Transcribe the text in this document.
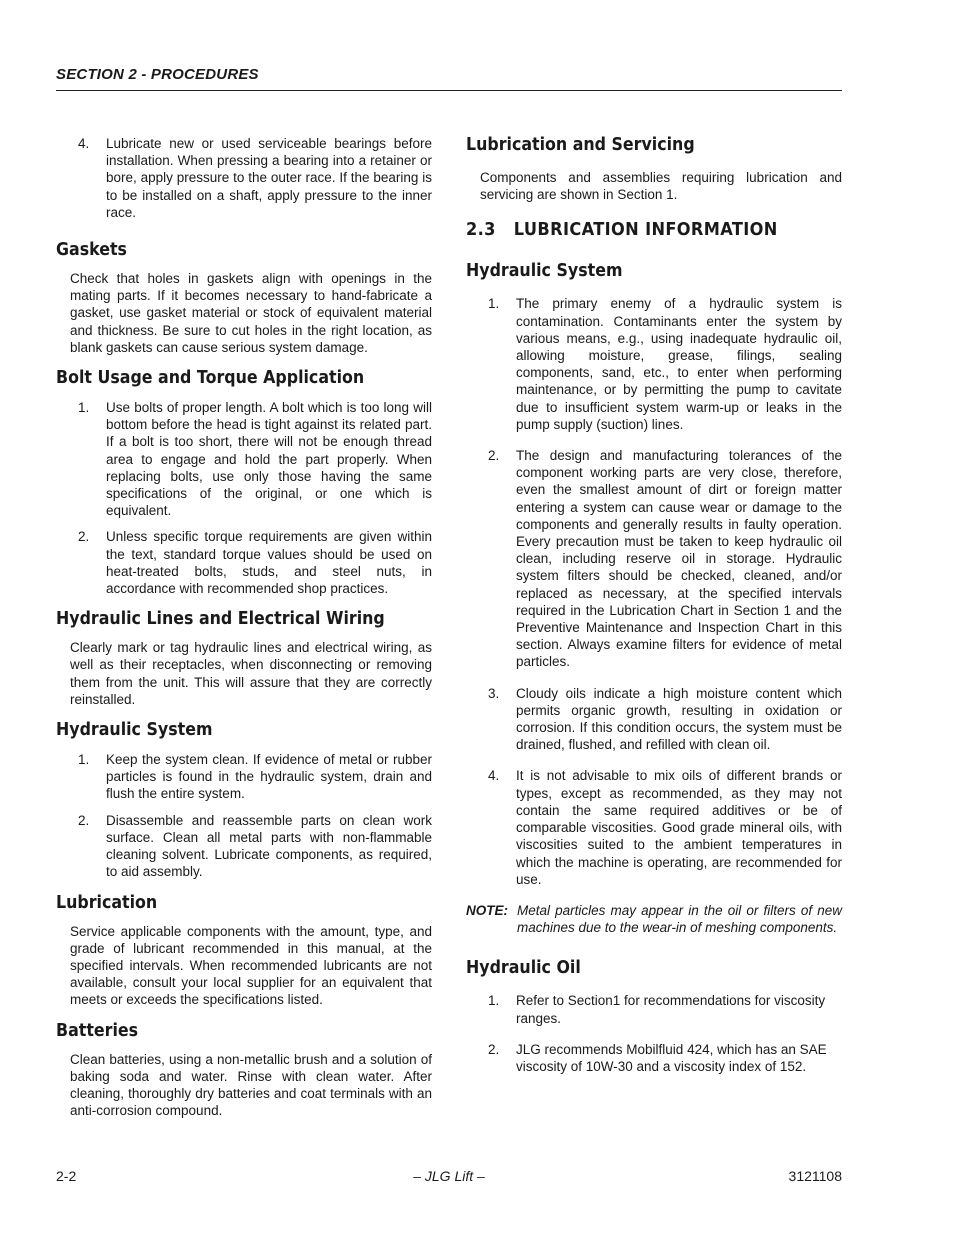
SECTION 2 - PROCEDURES
4.	Lubricate new or used serviceable bearings before installation. When pressing a bearing into a retainer or bore, apply pressure to the outer race. If the bearing is to be installed on a shaft, apply pressure to the inner race.
Gaskets

Check that holes in gaskets align with openings in the mating parts. If it becomes necessary to hand-fabricate a gasket, use gasket material or stock of equivalent material and thickness. Be sure to cut holes in the right location, as blank gaskets can cause serious system damage.

Bolt Usage and Torque Application
1.	Use bolts of proper length. A bolt which is too long will bottom before the head is tight against its related part. If a bolt is too short, there will not be enough thread area to engage and hold the part properly. When replacing bolts, use only those having the same specifications of the original, or one which is equivalent.
2.	Unless specific torque requirements are given within the text, standard torque values should be used on heat-treated bolts, studs, and steel nuts, in accordance with recommended shop practices.
Hydraulic Lines and Electrical Wiring

Clearly mark or tag hydraulic lines and electrical wiring, as well as their receptacles, when disconnecting or removing them from the unit. This will assure that they are correctly reinstalled.

Hydraulic System
1.	Keep the system clean. If evidence of metal or rubber particles is found in the hydraulic system, drain and flush the entire system.
2.	Disassemble and reassemble parts on clean work surface. Clean all metal parts with non-flammable cleaning solvent. Lubricate components, as required, to aid assembly.
Lubrication

Service applicable components with the amount, type, and grade of lubricant recommended in this manual, at the specified intervals. When recommended lubricants are not available, consult your local supplier for an equivalent that meets or exceeds the specifications listed.

Batteries

Clean batteries, using a non-metallic brush and a solution of baking soda and water. Rinse with clean water. After cleaning, thoroughly dry batteries and coat terminals with an anti-corrosion compound.

Lubrication and Servicing

Components and assemblies requiring lubrication and servicing are shown in Section 1.

2.3   LUBRICATION INFORMATION
Hydraulic System
1.	The primary enemy of a hydraulic system is contamination. Contaminants enter the system by various means, e.g., using inadequate hydraulic oil, allowing moisture, grease, filings, sealing components, sand, etc., to enter when performing maintenance, or by permitting the pump to cavitate due to insufficient system warm-up or leaks in the pump supply (suction) lines.
2.	The design and manufacturing tolerances of the component working parts are very close, therefore, even the smallest amount of dirt or foreign matter entering a system can cause wear or damage to the components and generally results in faulty operation. Every precaution must be taken to keep hydraulic oil clean, including reserve oil in storage. Hydraulic system filters should be checked, cleaned, and/or replaced as necessary, at the specified intervals required in the Lubrication Chart in Section 1 and the Preventive Maintenance and Inspection Chart in this section. Always examine filters for evidence of metal particles.
3.	Cloudy oils indicate a high moisture content which permits organic growth, resulting in oxidation or corrosion. If this condition occurs, the system must be drained, flushed, and refilled with clean oil.
4.	It is not advisable to mix oils of different brands or types, except as recommended, as they may not contain the same required additives or be of comparable viscosities. Good grade mineral oils, with viscosities suited to the ambient temperatures in which the machine is operating, are recommended for use.
NOTE: Metal particles may appear in the oil or filters of new machines due to the wear-in of meshing components.
Hydraulic Oil
1.	Refer to Section1 for recommendations for viscosity ranges.
2.	JLG recommends Mobilfluid 424, which has an SAE viscosity of 10W-30 and a viscosity index of 152.
2-2	– JLG Lift –	3121108
